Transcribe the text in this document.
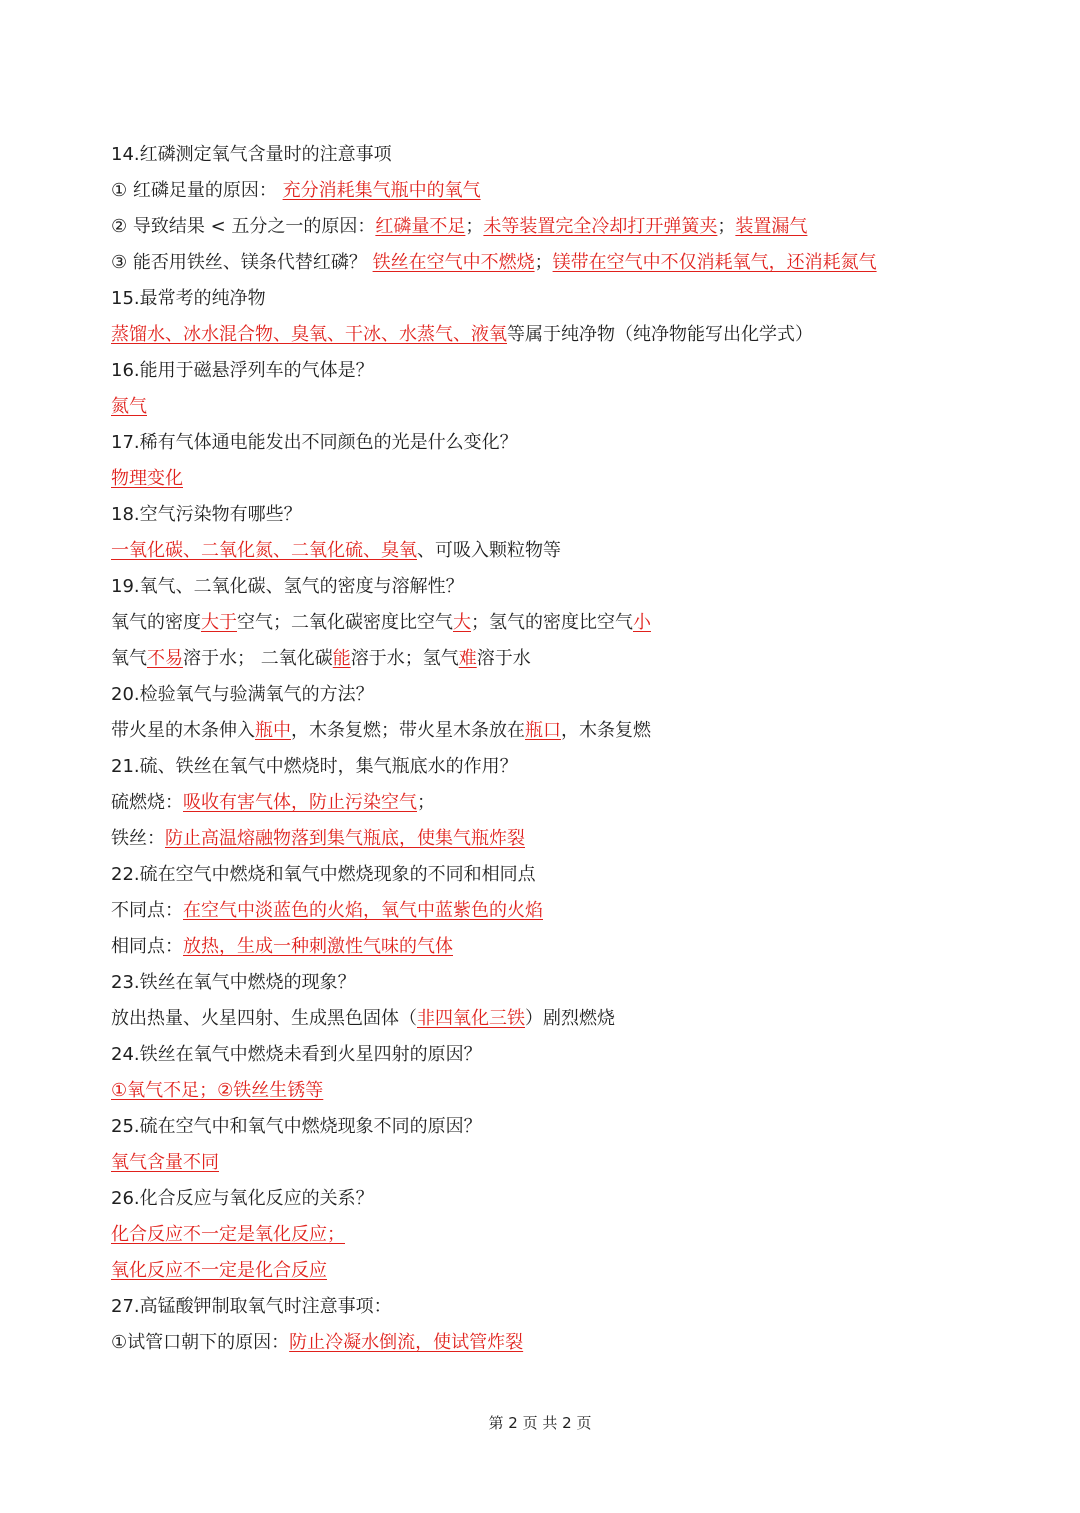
14.红磷测定氧气含量时的注意事项
① 红磷足量的原因： 充分消耗集气瓶中的氧气
② 导致结果 < 五分之一的原因：红磷量不足；未等装置完全冷却打开弹簧夹；装置漏气
③ 能否用铁丝、镁条代替红磷？ 铁丝在空气中不燃烧；镁带在空气中不仅消耗氧气，还消耗氮气
15.最常考的纯净物
蒸馏水、冰水混合物、臭氧、干冰、水蒸气、液氧等属于纯净物（纯净物能写出化学式）
16.能用于磁悬浮列车的气体是？
氮气
17.稀有气体通电能发出不同颜色的光是什么变化？
物理变化
18.空气污染物有哪些？
一氧化碳、二氧化氮、二氧化硫、臭氧、可吸入颗粒物等
19.氧气、二氧化碳、氢气的密度与溶解性？
氧气的密度大于空气；二氧化碳密度比空气大；氢气的密度比空气小
氧气不易溶于水； 二氧化碳能溶于水；氢气难溶于水
20.检验氧气与验满氧气的方法？
带火星的木条伸入瓶中，木条复燃；带火星木条放在瓶口，木条复燃
21.硫、铁丝在氧气中燃烧时，集气瓶底水的作用？
硫燃烧：吸收有害气体，防止污染空气；
铁丝：防止高温熔融物落到集气瓶底，使集气瓶炸裂
22.硫在空气中燃烧和氧气中燃烧现象的不同和相同点
不同点：在空气中淡蓝色的火焰，氧气中蓝紫色的火焰
相同点：放热，生成一种刺激性气味的气体
23.铁丝在氧气中燃烧的现象？
放出热量、火星四射、生成黑色固体（非四氧化三铁）剧烈燃烧
24.铁丝在氧气中燃烧未看到火星四射的原因？
①氧气不足；②铁丝生锈等
25.硫在空气中和氧气中燃烧现象不同的原因？
氧气含量不同
26.化合反应与氧化反应的关系？
化合反应不一定是氧化反应；
氧化反应不一定是化合反应
27.高锰酸钾制取氧气时注意事项：
①试管口朝下的原因：防止冷凝水倒流，使试管炸裂
第 2 页 共 2 页
